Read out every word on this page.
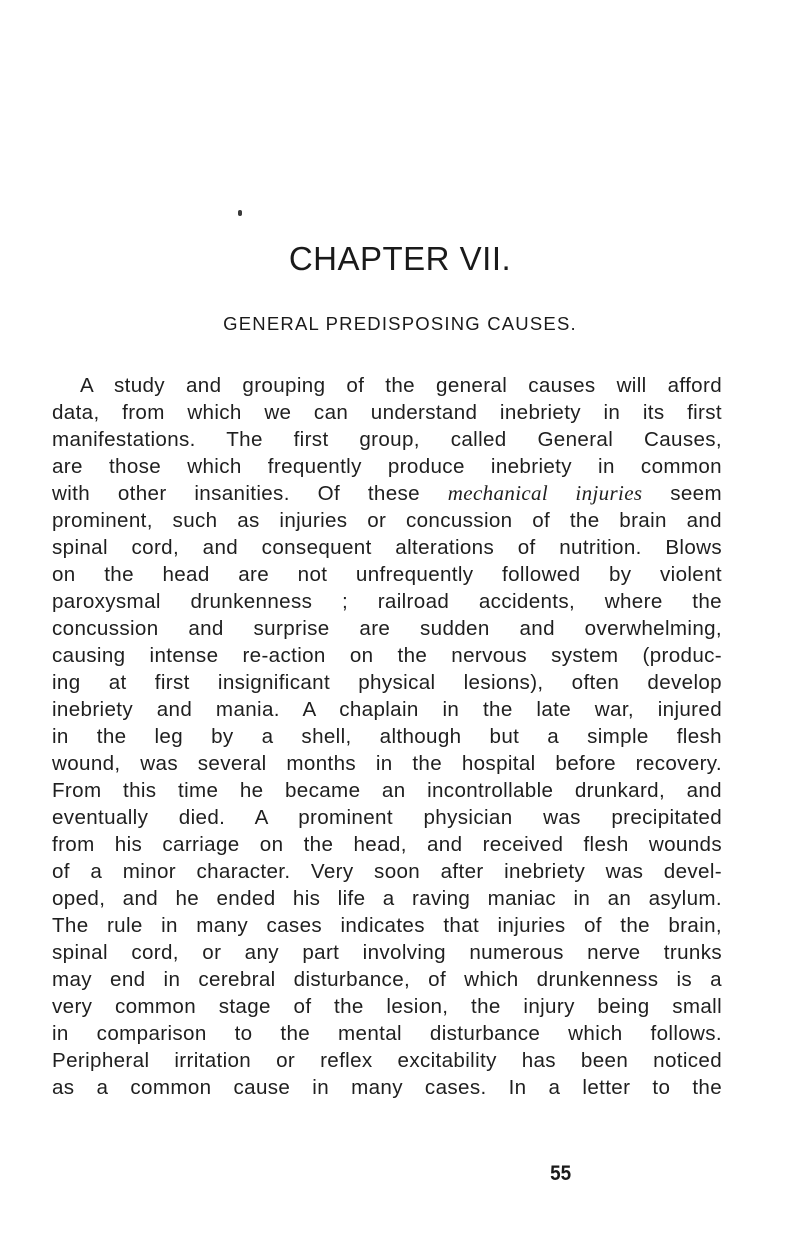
CHAPTER VII.
GENERAL PREDISPOSING CAUSES.
A study and grouping of the general causes will afford
data, from which we can understand inebriety in its first
manifestations. The first group, called General Causes,
are those which frequently produce inebriety in common
with other insanities. Of these mechanical injuries seem
prominent, such as injuries or concussion of the brain and
spinal cord, and consequent alterations of nutrition. Blows
on the head are not unfrequently followed by violent
paroxysmal drunkenness ; railroad accidents, where the
concussion and surprise are sudden and overwhelming,
causing intense re-action on the nervous system (produc-
ing at first insignificant physical lesions), often develop
inebriety and mania. A chaplain in the late war, injured
in the leg by a shell, although but a simple flesh
wound, was several months in the hospital before recovery.
From this time he became an incontrollable drunkard, and
eventually died. A prominent physician was precipitated
from his carriage on the head, and received flesh wounds
of a minor character. Very soon after inebriety was devel-
oped, and he ended his life a raving maniac in an asylum.
The rule in many cases indicates that injuries of the brain,
spinal cord, or any part involving numerous nerve trunks
may end in cerebral disturbance, of which drunkenness is a
very common stage of the lesion, the injury being small
in comparison to the mental disturbance which follows.
Peripheral irritation or reflex excitability has been noticed
as a common cause in many cases. In a letter to the
55
